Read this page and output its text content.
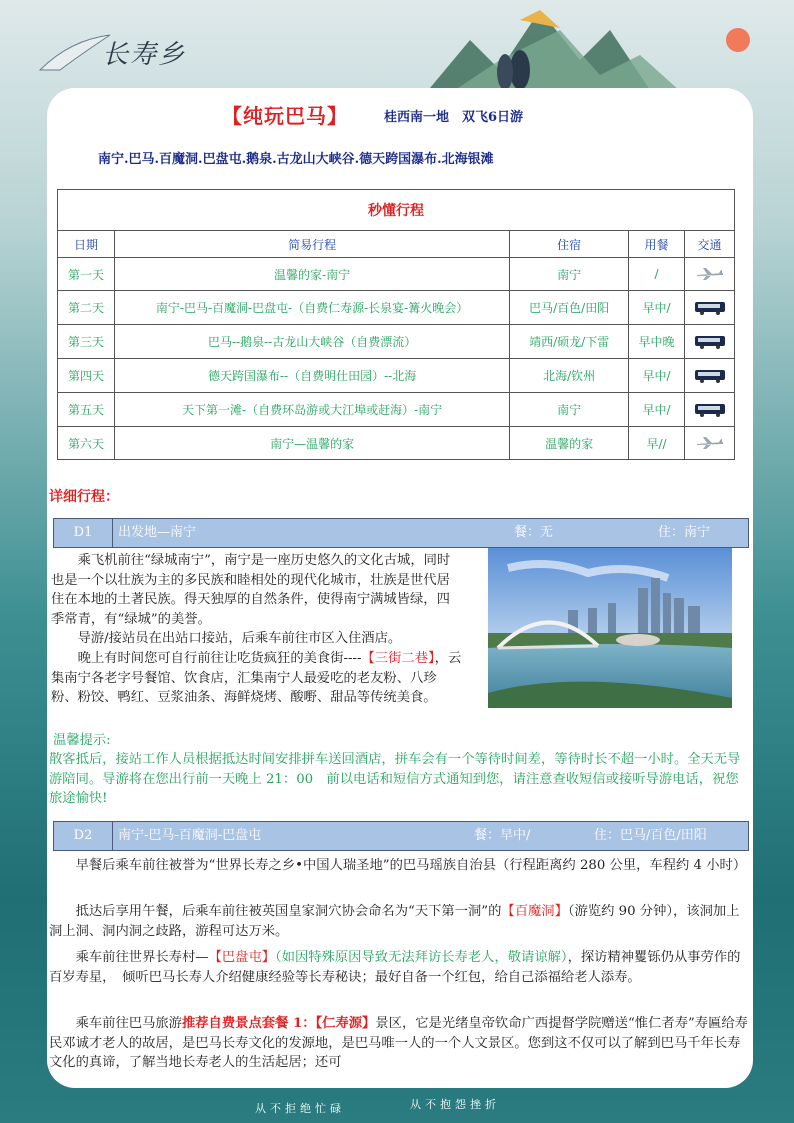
长寿乡
【纯玩巴马】	桂西南一地　双飞6日游
南宁.巴马.百魔洞.巴盘屯.鹅泉.古龙山大峡谷.德天跨国瀑布.北海银滩
秒懂行程				
日期	简易行程	住宿	用餐	交通
第一天	温馨的家-南宁	南宁	/	
第二天	南宁-巴马-百魔洞-巴盘屯-（自费仁寿源-长泉宴-篝火晚会）	巴马/百色/田阳	早中/	
第三天	巴马--鹅泉--古龙山大峡谷（自费漂流）	靖西/硕龙/下雷	早中晚	
第四天	德天跨国瀑布--（自费明仕田园）--北海	北海/钦州	早中/	
第五天	天下第一滩-（自费环岛游或大江埠或赶海）-南宁	南宁	早中/	
第六天	南宁—温馨的家	温馨的家	早//	
详细行程：
D1	出发地—南宁	餐：无	住：南宁
乘飞机前往“绿城南宁”，南宁是一座历史悠久的文化古城，同时也是一个以壮族为主的多民族和睦相处的现代化城市，壮族是世代居住在本地的土著民族。得天独厚的自然条件，使得南宁满城皆绿，四季常青，有“绿城”的美誉。
导游/接站员在出站口接站，后乘车前往市区入住酒店。
晚上有时间您可自行前往让吃货疯狂的美食街----【三街二巷】，云集南宁各老字号餐馆、饮食店，汇集南宁人最爱吃的老友粉、八珍粉、粉饺、鸭红、豆浆油条、海鲜烧烤、酸嘢、甜品等传统美食。
温馨提示:
散客抵后，接站工作人员根据抵达时间安排拼车送回酒店，拼车会有一个等待时间差，等待时长不超一小时。全天无导游陪同。导游将在您出行前一天晚上 21：00　前以电话和短信方式通知到您，请注意查收短信或接听导游电话，祝您旅途愉快!
D2	南宁-巴马-百魔洞-巴盘屯	餐：早中/	住：巴马/百色/田阳
早餐后乘车前往被誉为“世界长寿之乡•中国人瑞圣地”的巴马瑶族自治县（行程距离约 280 公里，车程约 4 小时）
抵达后享用午餐，后乘车前往被英国皇家洞穴协会命名为“天下第一洞”的【百魔洞】（游览约 90 分钟），该洞加上洞上洞、洞内洞之歧路，游程可达万米。
乘车前往世界长寿村—【巴盘屯】（如因特殊原因导致无法拜访长寿老人，敬请谅解），探访精神矍铄仍从事劳作的百岁寿星，　倾听巴马长寿人介绍健康经验等长寿秘诀；最好自备一个红包，给自己添福给老人添寿。
乘车前往巴马旅游推荐自费景点套餐 1：【仁寿源】景区，它是光绪皇帝钦命广西提督学院赠送“惟仁者寿”寿匾给寿民邓诚才老人的故居，是巴马长寿文化的发源地，是巴马唯一人的一个人文景区。您到这不仅可以了解到巴马千年长寿文化的真谛，了解当地长寿老人的生活起居；还可
从不拒绝忙碌	从不抱怨挫折
